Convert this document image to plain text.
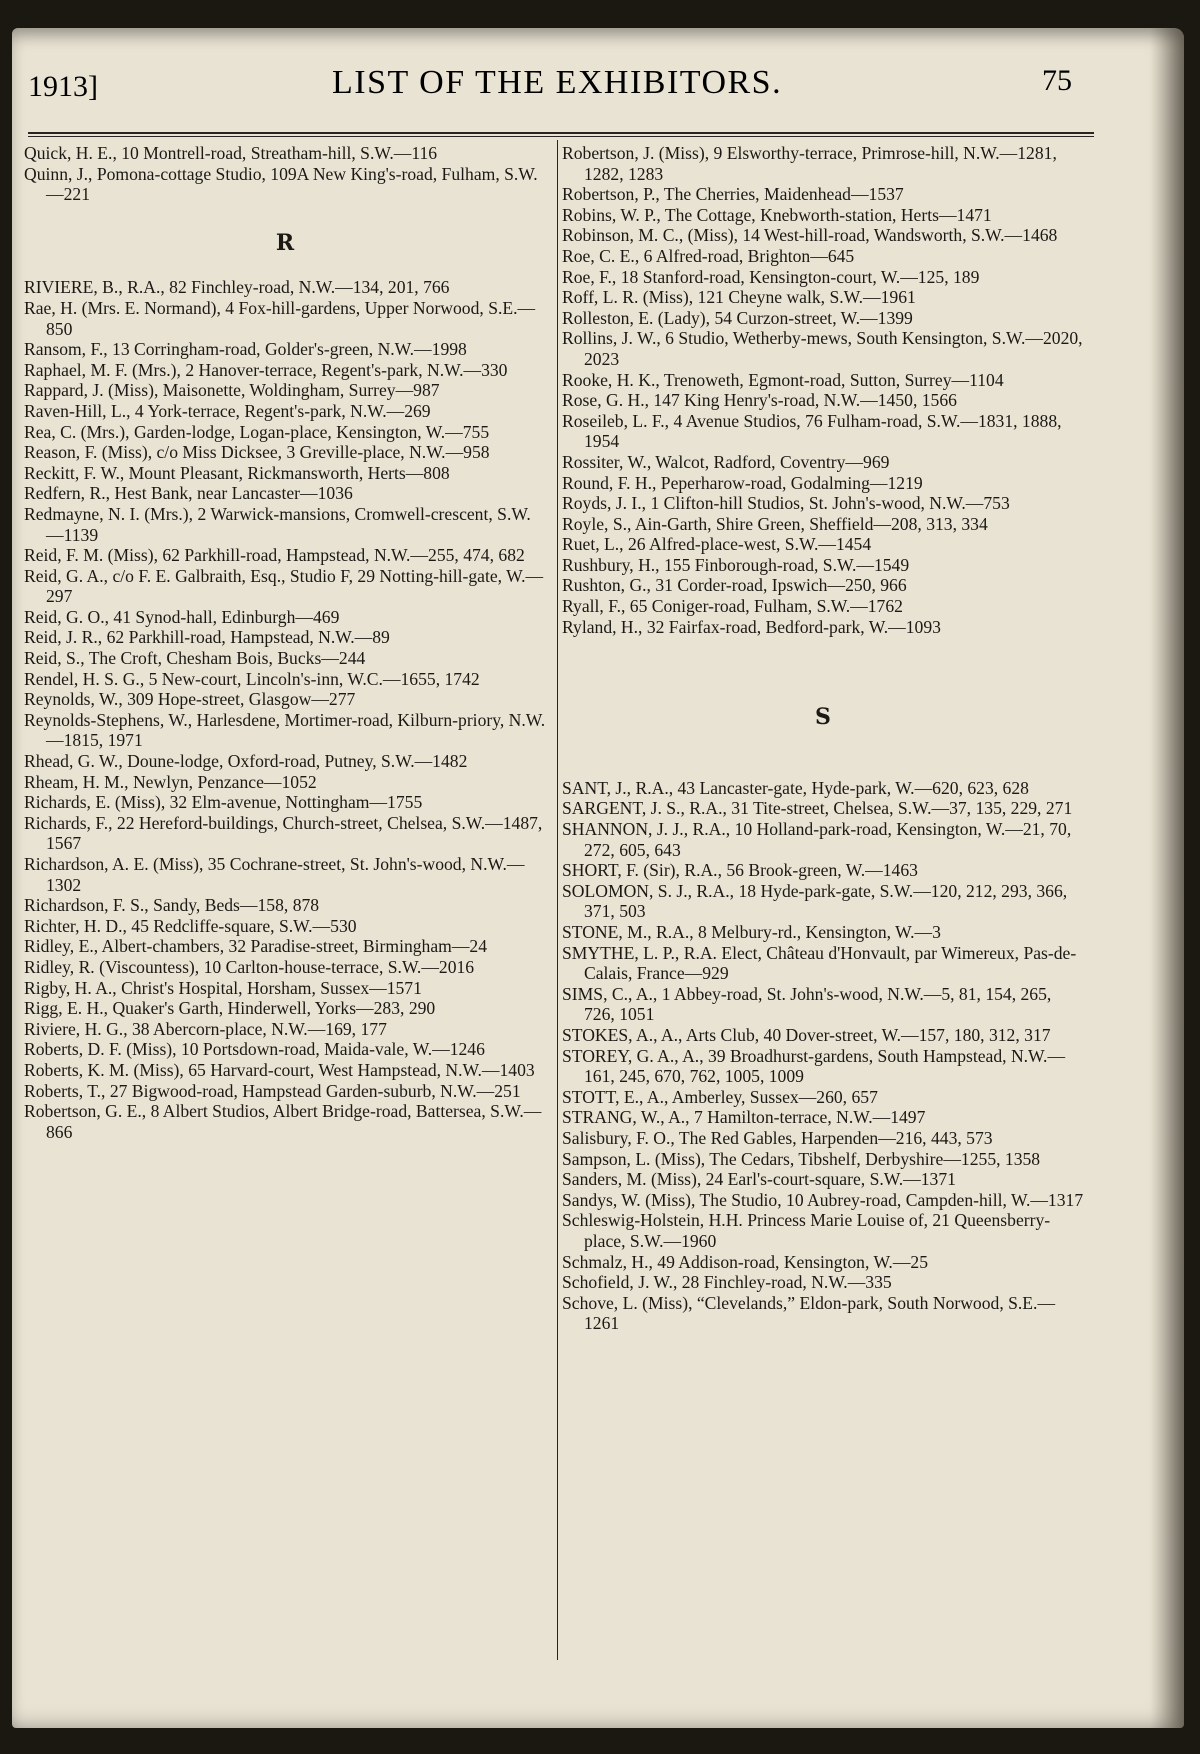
1913]	LIST OF THE EXHIBITORS.	75

Quick, H. E., 10 Montrell-road, Streatham-hill, S.W.—116

Quinn, J., Pomona-cottage Studio, 109A New King's-road, Fulham, S.W.—221

R

RIVIERE, B., R.A., 82 Finchley-road, N.W.—134, 201, 766

Rae, H. (Mrs. E. Normand), 4 Fox-hill-gardens, Upper Norwood, S.E.—850

Ransom, F., 13 Corringham-road, Golder's-green, N.W.—1998

Raphael, M. F. (Mrs.), 2 Hanover-terrace, Regent's-park, N.W.—330

Rappard, J. (Miss), Maisonette, Woldingham, Surrey—987

Raven-Hill, L., 4 York-terrace, Regent's-park, N.W.—269

Rea, C. (Mrs.), Garden-lodge, Logan-place, Kensington, W.—755

Reason, F. (Miss), c/o Miss Dicksee, 3 Greville-place, N.W.—958

Reckitt, F. W., Mount Pleasant, Rickmansworth, Herts—808

Redfern, R., Hest Bank, near Lancaster—1036

Redmayne, N. I. (Mrs.), 2 Warwick-mansions, Cromwell-crescent, S.W.—1139

Reid, F. M. (Miss), 62 Parkhill-road, Hampstead, N.W.—255, 474, 682

Reid, G. A., c/o F. E. Galbraith, Esq., Studio F, 29 Notting-hill-gate, W.—297

Reid, G. O., 41 Synod-hall, Edinburgh—469

Reid, J. R., 62 Parkhill-road, Hampstead, N.W.—89

Reid, S., The Croft, Chesham Bois, Bucks—244

Rendel, H. S. G., 5 New-court, Lincoln's-inn, W.C.—1655, 1742

Reynolds, W., 309 Hope-street, Glasgow—277

Reynolds-Stephens, W., Harlesdene, Mortimer-road, Kilburn-priory, N.W.—1815, 1971

Rhead, G. W., Doune-lodge, Oxford-road, Putney, S.W.—1482

Rheam, H. M., Newlyn, Penzance—1052

Richards, E. (Miss), 32 Elm-avenue, Nottingham—1755

Richards, F., 22 Hereford-buildings, Church-street, Chelsea, S.W.—1487, 1567

Richardson, A. E. (Miss), 35 Cochrane-street, St. John's-wood, N.W.—1302

Richardson, F. S., Sandy, Beds—158, 878

Richter, H. D., 45 Redcliffe-square, S.W.—530

Ridley, E., Albert-chambers, 32 Paradise-street, Birmingham—24

Ridley, R. (Viscountess), 10 Carlton-house-terrace, S.W.—2016

Rigby, H. A., Christ's Hospital, Horsham, Sussex—1571

Rigg, E. H., Quaker's Garth, Hinderwell, Yorks—283, 290

Riviere, H. G., 38 Abercorn-place, N.W.—169, 177

Roberts, D. F. (Miss), 10 Portsdown-road, Maida-vale, W.—1246

Roberts, K. M. (Miss), 65 Harvard-court, West Hampstead, N.W.—1403

Roberts, T., 27 Bigwood-road, Hampstead Garden-suburb, N.W.—251

Robertson, G. E., 8 Albert Studios, Albert Bridge-road, Battersea, S.W.—866

Robertson, J. (Miss), 9 Elsworthy-terrace, Primrose-hill, N.W.—1281, 1282, 1283

Robertson, P., The Cherries, Maidenhead—1537

Robins, W. P., The Cottage, Knebworth-station, Herts—1471

Robinson, M. C., (Miss), 14 West-hill-road, Wandsworth, S.W.—1468

Roe, C. E., 6 Alfred-road, Brighton—645

Roe, F., 18 Stanford-road, Kensington-court, W.—125, 189

Roff, L. R. (Miss), 121 Cheyne walk, S.W.—1961

Rolleston, E. (Lady), 54 Curzon-street, W.—1399

Rollins, J. W., 6 Studio, Wetherby-mews, South Kensington, S.W.—2020, 2023

Rooke, H. K., Trenoweth, Egmont-road, Sutton, Surrey—1104

Rose, G. H., 147 King Henry's-road, N.W.—1450, 1566

Roseileb, L. F., 4 Avenue Studios, 76 Fulham-road, S.W.—1831, 1888, 1954

Rossiter, W., Walcot, Radford, Coventry—969

Round, F. H., Peperharow-road, Godalming—1219

Royds, J. I., 1 Clifton-hill Studios, St. John's-wood, N.W.—753

Royle, S., Ain-Garth, Shire Green, Sheffield—208, 313, 334

Ruet, L., 26 Alfred-place-west, S.W.—1454

Rushbury, H., 155 Finborough-road, S.W.—1549

Rushton, G., 31 Corder-road, Ipswich—250, 966

Ryall, F., 65 Coniger-road, Fulham, S.W.—1762

Ryland, H., 32 Fairfax-road, Bedford-park, W.—1093

S

SANT, J., R.A., 43 Lancaster-gate, Hyde-park, W.—620, 623, 628

SARGENT, J. S., R.A., 31 Tite-street, Chelsea, S.W.—37, 135, 229, 271

SHANNON, J. J., R.A., 10 Holland-park-road, Kensington, W.—21, 70, 272, 605, 643

SHORT, F. (Sir), R.A., 56 Brook-green, W.—1463

SOLOMON, S. J., R.A., 18 Hyde-park-gate, S.W.—120, 212, 293, 366, 371, 503

STONE, M., R.A., 8 Melbury-rd., Kensington, W.—3

SMYTHE, L. P., R.A. Elect, Château d'Honvault, par Wimereux, Pas-de-Calais, France—929

SIMS, C., A., 1 Abbey-road, St. John's-wood, N.W.—5, 81, 154, 265, 726, 1051

STOKES, A., A., Arts Club, 40 Dover-street, W.—157, 180, 312, 317

STOREY, G. A., A., 39 Broadhurst-gardens, South Hampstead, N.W.—161, 245, 670, 762, 1005, 1009

STOTT, E., A., Amberley, Sussex—260, 657

STRANG, W., A., 7 Hamilton-terrace, N.W.—1497

Salisbury, F. O., The Red Gables, Harpenden—216, 443, 573

Sampson, L. (Miss), The Cedars, Tibshelf, Derbyshire—1255, 1358

Sanders, M. (Miss), 24 Earl's-court-square, S.W.—1371

Sandys, W. (Miss), The Studio, 10 Aubrey-road, Campden-hill, W.—1317

Schleswig-Holstein, H.H. Princess Marie Louise of, 21 Queensberry-place, S.W.—1960

Schmalz, H., 49 Addison-road, Kensington, W.—25

Schofield, J. W., 28 Finchley-road, N.W.—335

Schove, L. (Miss), “Clevelands,” Eldon-park, South Norwood, S.E.—1261
